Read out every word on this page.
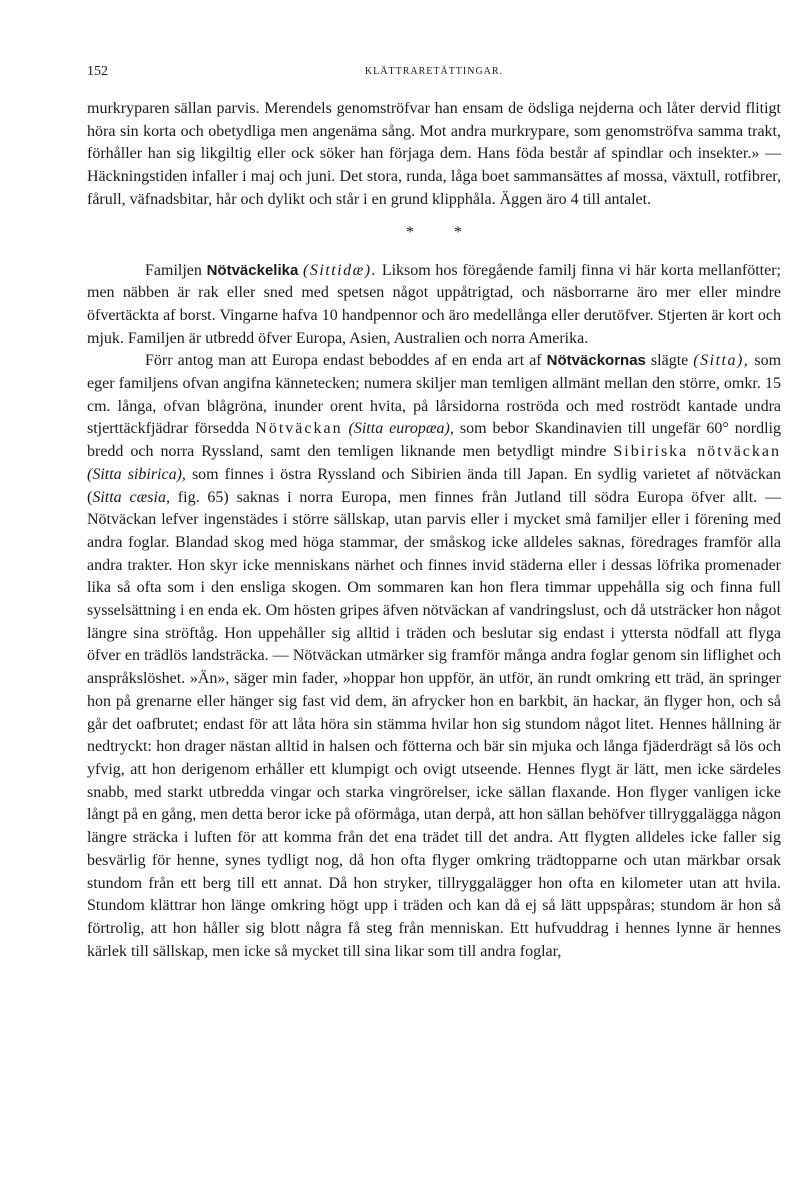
152	KLÄTTRARETÄTTINGAR.

murkryparen sällan parvis. Merendels genomströfvar han ensam de ödsliga nejderna och låter dervid flitigt höra sin korta och obetydliga men angenäma sång. Mot andra murkrypare, som genomströfva samma trakt, förhåller han sig likgiltig eller ock söker han förjaga dem. Hans föda består af spindlar och insekter.» — Häckningstiden infaller i maj och juni. Det stora, runda, låga boet sammansättes af mossa, växtull, rotfibrer, fårull, väfnadsbitar, hår och dylikt och står i en grund klipphåla. Äggen äro 4 till antalet.

* *

Familjen Nötväckelika (Sittidæ). Liksom hos föregående familj finna vi här korta mellanfötter; men näbben är rak eller sned med spetsen något uppåtrigtad, och näsborrarne äro mer eller mindre öfvertäckta af borst. Vingarne hafva 10 handpennor och äro medellånga eller derutöfver. Stjerten är kort och mjuk. Familjen är utbredd öfver Europa, Asien, Australien och norra Amerika.

Förr antog man att Europa endast beboddes af en enda art af Nötväckornas slägte (Sitta), som eger familjens ofvan angifna kännetecken; numera skiljer man temligen allmänt mellan den större, omkr. 15 cm. långa, ofvan blågröna, inunder orent hvita, på lårsidorna roströda och med roströdt kantade undra stjerttäckfjädrar försedda Nötväckan (Sitta europæa), som bebor Skandinavien till ungefär 60° nordlig bredd och norra Ryssland, samt den temligen liknande men betydligt mindre Sibiriska nötväckan (Sitta sibirica), som finnes i östra Ryssland och Sibirien ända till Japan. En sydlig varietet af nötväckan (Sitta cæsia, fig. 65) saknas i norra Europa, men finnes från Jutland till södra Europa öfver allt. — Nötväckan lefver ingenstädes i större sällskap, utan parvis eller i mycket små familjer eller i förening med andra foglar. Blandad skog med höga stammar, der småskog icke alldeles saknas, föredrages framför alla andra trakter. Hon skyr icke menniskans närhet och finnes invid städerna eller i dessas löfrika promenader lika så ofta som i den ensliga skogen. Om sommaren kan hon flera timmar uppehålla sig och finna full sysselsättning i en enda ek. Om hösten gripes äfven nötväckan af vandringslust, och då utsträcker hon något längre sina ströftåg. Hon uppehåller sig alltid i träden och beslutar sig endast i yttersta nödfall att flyga öfver en trädlös landsträcka. — Nötväckan utmärker sig framför många andra foglar genom sin liflighet och anspråkslöshet. »Än», säger min fader, »hoppar hon uppför, än utför, än rundt omkring ett träd, än springer hon på grenarne eller hänger sig fast vid dem, än afrycker hon en barkbit, än hackar, än flyger hon, och så går det oafbrutet; endast för att låta höra sin stämma hvilar hon sig stundom något litet. Hennes hållning är nedtryckt: hon drager nästan alltid in halsen och fötterna och bär sin mjuka och långa fjäderdrägt så lös och yfvig, att hon derigenom erhåller ett klumpigt och ovigt utseende. Hennes flygt är lätt, men icke särdeles snabb, med starkt utbredda vingar och starka vingrörelser, icke sällan flaxande. Hon flyger vanligen icke långt på en gång, men detta beror icke på oförmåga, utan derpå, att hon sällan behöfver tillryggalägga någon längre sträcka i luften för att komma från det ena trädet till det andra. Att flygten alldeles icke faller sig besvärlig för henne, synes tydligt nog, då hon ofta flyger omkring trädtopparne och utan märkbar orsak stundom från ett berg till ett annat. Då hon stryker, tillryggalägger hon ofta en kilometer utan att hvila. Stundom klättrar hon länge omkring högt upp i träden och kan då ej så lätt uppspåras; stundom är hon så förtrolig, att hon håller sig blott några få steg från menniskan. Ett hufvuddrag i hennes lynne är hennes kärlek till sällskap, men icke så mycket till sina likar som till andra foglar,
